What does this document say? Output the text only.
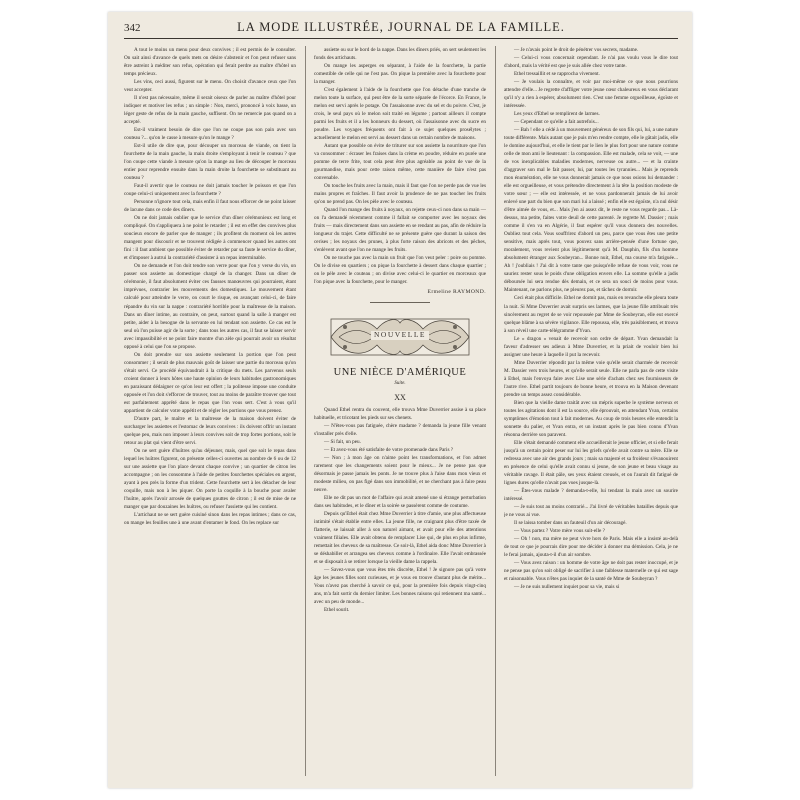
342	LA MODE ILLUSTRÉE, JOURNAL DE LA FAMILLE.

A tout le moins un menu pour deux convives ; il est permis de le consulter. On sait ainsi d'avance de quels mets on désire s'abstenir et l'on peut refuser sans être astreint à méditer son refus, opération qui ferait perdre au maître d'hôtel un temps précieux.

Les vins, ceci aussi, figurent sur le menu. On choisit d'avance ceux que l'on veut accepter.

Il n'est pas nécessaire, même il serait oiseux de parler au maître d'hôtel pour indiquer et motiver les refus ; un simple : Non, merci, prononcé à voix basse, un léger geste de refus de la main gauche, suffisent. On ne remercie pas quand on a accepté.

Est-il vraiment besoin de dire que l'on ne coupe pas son pain avec son couteau ?... qu'on le casse à mesure qu'on le mange ?

Est-il utile de dire que, pour découper un morceau de viande, on tient la fourchette de la main gauche, la main droite s'employant à tenir le couteau ? que l'on coupe cette viande à mesure qu'on la mange au lieu de découper le morceau entier pour reprendre ensuite dans la main droite la fourchette se substituant au couteau ?

Faut-il avertir que le couteau ne doit jamais toucher le poisson et que l'on coupe celui-ci uniquement avec la fourchette ?

Personne n'ignore tout cela, mais enfin il faut nous efforcer de ne point laisser de lacune dans ce code des dîners.

On ne doit jamais oublier que le service d'un dîner cérémonieux est long et compliqué. On s'appliquera à ne point le retarder ; il est en effet des convives plus soucieux encore de parler que de manger ; ils profitent du moment où les autres mangent pour discourir et ne trouvent rédigée à commencer quand les autres ont fini : il faut ambient que possible éviter de retarder par sa faute le service du dîner, et d'imposer à autrui la contrariété d'assister à un repas interminable.

On ne demande et l'on doit tendre son verre pour que l'on y verse du vin, on passer son assiette au domestique chargé de la changer. Dans un dîner de cérémonie, il faut absolument éviter ces fausses manœuvres qui pourraient, étant imprévues, contrarier les mouvements des domestiques. Le mouvement étant calculé pour atteindre le verre, on court le risque, en avançant celui-ci, de faire répandre du vin sur la nappe : contrariété horrible pour la maîtresse de la maison. Dans un dîner intime, au contraire, on peut, surtout quand la salle à manger est petite, aider à la besogne de la servante en lui tendant son assiette. Ce cas est le seul où l'on puisse agir de la sorte ; dans tous les autres cas, il faut se laisser servir avec impassibilité et ne point faire montre d'un zèle qui pourrait avoir un résultat opposé à celui que l'on se propose.

On doit prendre sur son assiette seulement la portion que l'on peut consommer ; il serait de plus mauvais goût de laisser une partie du morceau qu'on s'était servi. Ce procédé équivaudrait à la critique du mets. Les parvenus seuls croient donner à leurs hôtes une haute opinion de leurs habitudes gastronomiques en paraissant dédaigner ce qu'on leur est offert ; la politesse impose une conduite opposée et l'on doit s'efforcer de trouver, tout au moins de paraître trouver que tout est parfaitement apprêté dans le repas que l'on vous sert. C'est à vous qu'il appartient de calculer votre appétit et de régler les portions que vous prenez.

D'autre part, le maître et la maîtresse de la maison doivent éviter de surcharger les assiettes et l'estomac de leurs convives : ils doivent offrir un instant quelque peu, mais non imposer à leurs convives soit de trop fortes portions, soit le retour au plat qui vient d'être servi.

On ne sert guère d'huîtres qu'au déjeuner, mais, quel que soit le repas dans lequel les huîtres figurent, on présente celles-ci ouvertes au nombre de 6 ou de 12 sur une assiette que l'on place devant chaque convive ; un quartier de citron les accompagne ; on les consomme à l'aide de petites fourchettes spéciales en argent, ayant à peu près la forme d'un trident. Cette fourchette sert à les détacher de leur coquille, mais non à les piquer. On porte la coquille à la bouche pour avaler l'huître, après l'avoir arrosée de quelques gouttes de citron ; il est de mise de ne manger que par douzaines les huîtres, ou refuser l'assiette qui les contient.

L'artichaut ne se sert guère cuisiné sinon dans les repas intimes ; dans ce cas, on mange les feuilles une à une avant d'entamer le fond. On les replace sur

assiette ou sur le bord de la nappe. Dans les dîners priés, on sert seulement les fonds des artichauts.

On mange les asperges en séparant, à l'aide de la fourchette, la partie comestible de celle qui ne l'est pas. On pique la première avec la fourchette pour la manger.

C'est également à l'aide de la fourchette que l'on détache d'une tranche de melon toute la surface, qui peut être de la sorte séparée de l'écorce. En France, le melon est servi après le potage. On l'assaisonne avec du sel et du poivre. C'est, je crois, le seul pays où le melon soit traité en légume ; partout ailleurs il compte parmi les fruits et il a les honneurs du dessert, où l'assaisonne avec du sucre en poudre. Les voyages fréquents ont fait à ce sujet quelques prosélytes ; actuellement le melon est servi au dessert dans un certain nombre de maisons.

Autant que possible on évite de triturer sur son assiette la nourriture que l'on va consommer : écraser les fraises dans la crème en poudre, réduire en purée une pomme de terre frite, tout cela peut être plus agréable au point de vue de la gourmandise, mais pour cette raison même, cette manière de faire n'est pas convenable.

On touche les fruits avec la main, mais il faut que l'on ne perde pas de vue les mains propres et fraîches. Il faut avoir la prudence de ne pas toucher les fruits qu'on ne prend pas. On les pèle avec le couteau.

Quand l'on mange des fruits à noyaux, on rejette ceux-ci non dans sa main — on l'a demandé récemment comme il fallait se comporter avec les noyaux des fruits — mais directement dans son assiette en se rendant au pas, afin de réduire la longueur du trajet. Cette difficulté ne se présente guère que durant la saison des cerises ; les noyaux des prunes, à plus forte raison des abricots et des pêches, s'enlèvent avant que l'on ne mange les fruits.

On ne touche pas avec la main un fruit que l'on veut peler : poire ou pomme. On le divise en quartiers ; on pique la fourchette à dessert dans chaque quartier ; on le pèle avec le couteau ; on divise avec celui-ci le quartier en morceaux que l'on pique avec la fourchette, pour le manger.

Ermeline RAYMOND.
NOUVELLE
UNE NIÈCE D'AMÉRIQUE
Suite.
XX

Quand Ethel rentra du couvent, elle trouva Mme Duverrier assise à sa place habituelle, et tricotant les pieds sur ses chenets.

— N'êtes-vous pas fatiguée, chère madame ? demanda la jeune fille venant s'installer près d'elle.

— Si fait, un peu.

— Et avez-vous été satisfaite de votre promenade dans Paris ?

— Non ; à mon âge on n'aime point les transformations, et l'on admet rarement que les changements soient pour le mieux... Je ne pense pas que désormais je passe jamais les ponts. Je ne trouve plus à l'aise dans mon vieux et modeste milieu, on pas figé dans son immobilité, et ne cherchant pas à faire peau neuve.

Elle ne dit pas un mot de l'affaire qui avait amené une si étrange perturbation dans ses habitudes, et le dîner et la soirée se passèrent comme de coutume.

Depuis qu'Ethel était chez Mme Duverrier à titre d'amie, une plus affectueuse intimité s'était établie entre elles. La jeune fille, ne craignant plus d'être taxée de flatterie, se laissait aller à son naturel aimant, et avait pour elle des attentions vraiment filiales. Elle avait obtenu de remplacer Lise qui, de plus en plus infirme, remettait les cheveux de sa maîtresse. Ce soir-là, Ethel aida donc Mme Duverrier à se déshabiller et arrangea ses cheveux comme à l'ordinaire. Elle l'avait embrassée et se disposait à se retirer lorsque la vieille dame la rappela.

— Savez-vous que vous êtes très discrète, Ethel ! Je signore pas qu'à votre âge les jeunes filles sont curieuses, et je vous en trouve d'autant plus de mérite... Vous n'avez pas cherché à savoir ce qui, pour la première fois depuis vingt-cinq ans, m'a fait sortir du dernier limiter. Les bonnes raisons qui retiennent ma santé... avec un peu de monde...

Ethel sourit.

— Je n'avais point le droit de pénétrer vos secrets, madame.

— Celui-ci vous concernait cependant. Je n'ai pas voulu vous le dire tout d'abord, mais la vérité est que je suis allée chez votre tante.

Ethel tressaillit et se rapprocha vivement.

— Je voulais la connaître, et voir par moi-même ce que nous pourrions attendre d'elle... Je regrette d'affliger votre jeune cœur chaleureux en vous déclarant qu'il n'y a rien à espérer, absolument rien. C'est une femme orgueilleuse, égoïste et intéressée.

Les yeux d'Ethel se remplirent de larmes.

— Cependant ce qu'elle a fait autrefois...

— Bah ! elle a cédé à un mouvement généreux de son fils qui, lui, a une nature toute différente. Mais autant que je puis m'en rendre compte, elle le gâtait jadis, elle le domine aujourd'hui, et elle le tient par le lien le plus fort pour une nature comme celle de mon ami le lieutenant : la compassion. Elle est malade, cela se voit, — une de vos inexplicables maladies modernes, nerveuse ou autre... — et la crainte d'aggraver son mal le fait passer, lui, par toutes les tyrannies... Mais je reprends mon énumération, elle ne vous donnerait jamais ce que nous osions lui demander : elle est orgueilleuse, et vous prétendre directement à la tête la position modeste de votre sœur ; — elle est intéressée, et ne vous pardonnerait jamais de lui avoir enlevé une part du bien que son mari lui a laissé ; enfin elle est égoïste, n'a nul désir d'être aimée de vous, et... Mais j'en ai assez dit, le reste ne vous regarde pas... Là-dessus, ma petite, faites votre deuil de cette parenté. Je regrette M. Dassier ; mais comme il s'en va en Algérie, il faut espérer qu'il vous donnera des nouvelles. Oubliez tout cela. Vous souffrirez d'abord un peu, parce que vous êtes une petite sensitive, mais après tout, vous pouvez sans arrière-pensée d'une fortune que, moralement, vous revient plus légitimement qu'à M. Dauphin, fils d'un homme absolument étranger aux Soubeyran... Bonne nuit, Ethel, ma course m'a fatiguée... Ah ! j'oubliais ! J'ai dit à votre tante que puisqu'elle refuse de vous voir, vous ne sauriez rester sous le poids d'une obligation envers elle. La somme qu'elle a jadis déboursée lui sera rendue dès demain, et ce sera un souci de moins pour vous. Maintenant, ne parlons plus, ne pleurez pas, et tâchez de dormir.

Ceci était plus difficile. Ethel ne dormit pas, mais en revanche elle pleura toute la nuit. Si Mme Duverrier avait surpris ses larmes, que la jeune fille attribuait très sincèrement au regret de se voir repoussée par Mme de Soubeyran, elle eut exercé quelque blâme à sa sévère vigilance. Elle repoussa, elle, très paisiblement, et trouva à son réveil une carte-télégramme d'Yvan.

Le « dragon » venait de recevoir son ordre de départ. Yvan demandait la faveur d'adresser ses adieux à Mme Duverrier, et la priait de vouloir bien lui assigner une heure à laquelle il put la recevoir.

Mme Duverrier répondit par la même voie qu'elle serait charmée de recevoir M. Dassier vers trois heures, et qu'elle serait seule. Elle ne parla pas de cette visite à Ethel, mais l'envoya faire avec Lise une série d'achats chez ses fournisseurs de l'autre rive. Ethel partit toujours de bonne heure, et trouva en la Maison devenant prendre un temps assez considérable.

Bien que la vieille dame traitât avec un mépris superbe le système nerveux et toutes les agitations dont il est la source, elle éprouvait, en attendant Yvan, certains symptômes d'émotion tout à fait modernes. Au coup de trois heures elle entendit la sonnette du palier, et Yvan entra, et un instant après le pas bien connu d'Yvan résonna derrière son paravent.

Elle s'était demandé comment elle accueillerait le jeune officier, et si elle ferait jusqu'à un certain point peser sur lui les griefs qu'elle avait contre sa mère. Elle se redressa avec une air des grands jours ; mais sa majesté et sa froideur s'évanouirent en présence de celui qu'elle avait connu si jeune, de son jeune et beau visage au véritable ravage. Il était pâle, ses yeux étaient creusés, et on l'aurait dit fatigué de lignes dures qu'elle n'avait pas vues jusque-là.

— Êtes-vous malade ? demanda-t-elle, lui tendant la main avec un sourire intéressé.

— Je suis tout au moins contrarié... J'ai livré de véritables batailles depuis que je ne vous ai vue.

Il se laissa tomber dans un fauteuil d'un air découragé.

— Vous partez ? Votre mère vous suit-elle ?

— Oh ! non, ma mère ne peut vivre hors de Paris. Mais elle a insisté au-delà de tout ce que je pourrais dire pour me décider à donner ma démission. Cela, je ne le ferai jamais, ajouta-t-il d'un air sombre.

— Vous avez raison : un homme de votre âge ne doit pas rester inoccupé, et je ne pense pas qu'on soit obligé de sacrifier à une faiblesse maternelle ce qui est sage et raisonnable. Vous n'êtes pas inquiet de la santé de Mme de Soubeyran ?

— Je ne suis nullement inquiet pour sa vie, mais si
